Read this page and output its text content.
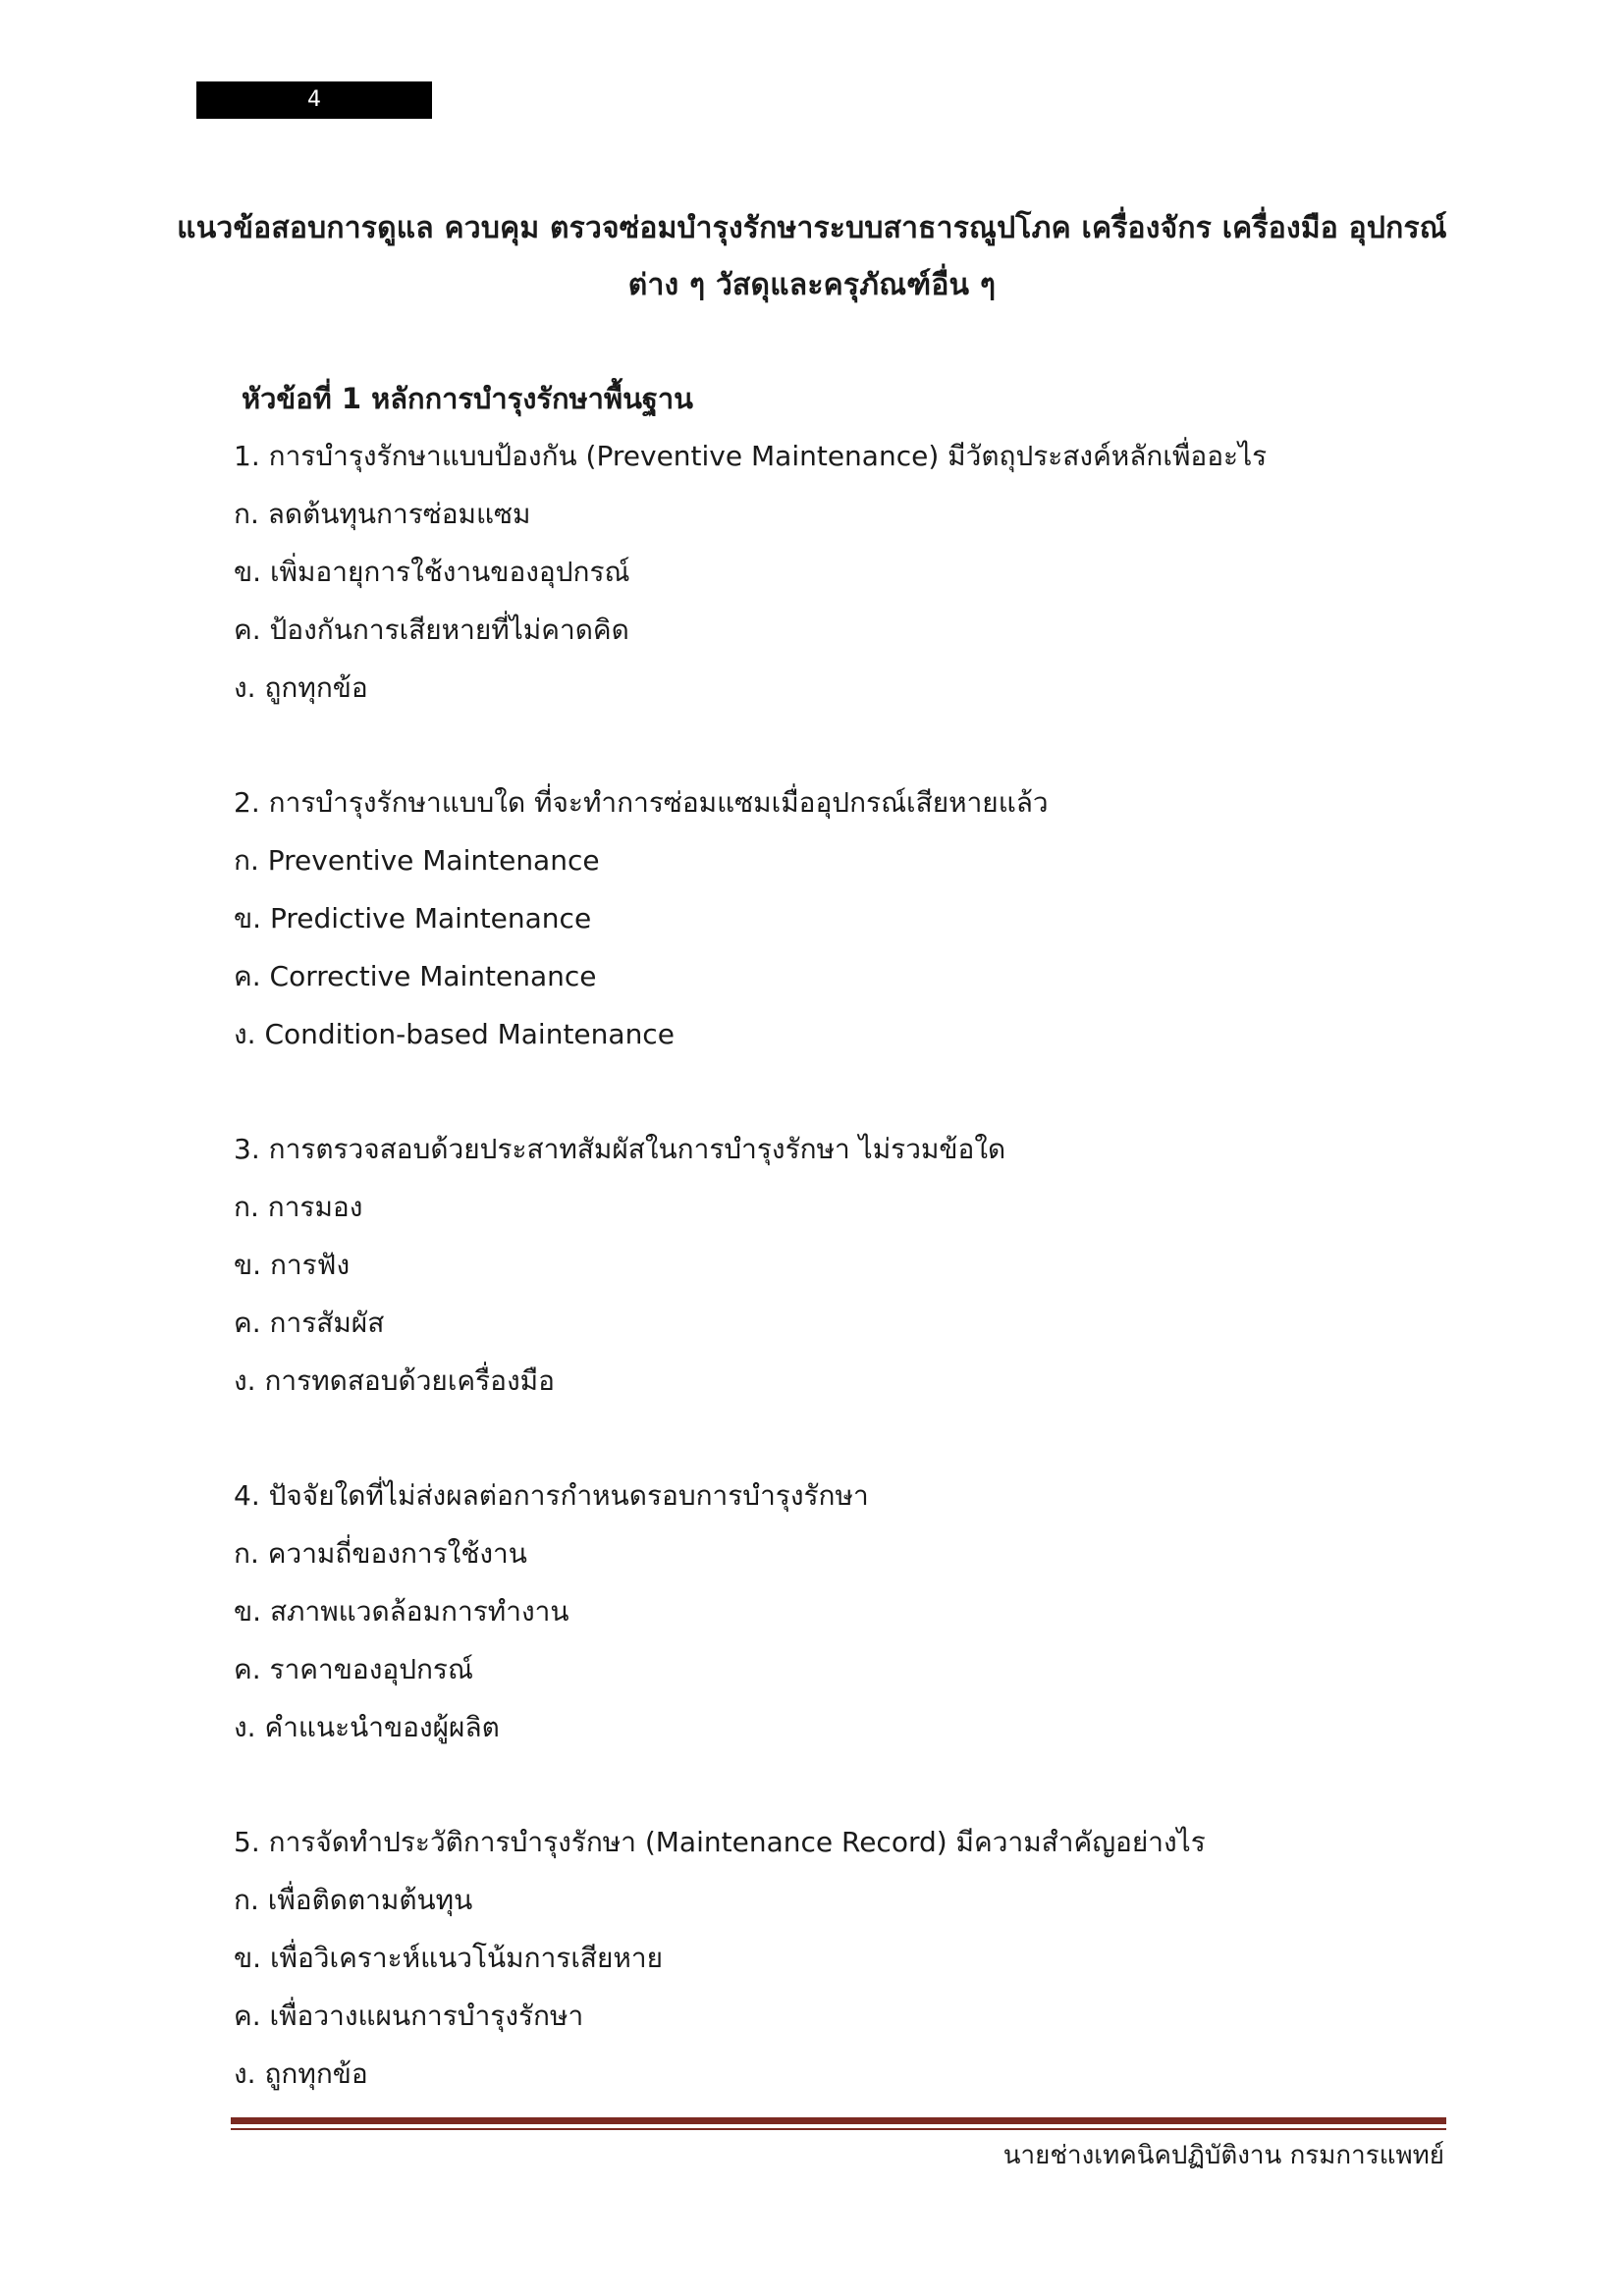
4
แนวข้อสอบการดูแล ควบคุม ตรวจซ่อมบำรุงรักษาระบบสาธารณูปโภค เครื่องจักร เครื่องมือ อุปกรณ์
ต่าง ๆ วัสดุและครุภัณฑ์อื่น ๆ
หัวข้อที่ 1 หลักการบำรุงรักษาพื้นฐาน
1. การบำรุงรักษาแบบป้องกัน (Preventive Maintenance) มีวัตถุประสงค์หลักเพื่ออะไร
ก. ลดต้นทุนการซ่อมแซม
ข. เพิ่มอายุการใช้งานของอุปกรณ์
ค. ป้องกันการเสียหายที่ไม่คาดคิด
ง. ถูกทุกข้อ
2. การบำรุงรักษาแบบใด ที่จะทำการซ่อมแซมเมื่ออุปกรณ์เสียหายแล้ว
ก. Preventive Maintenance
ข. Predictive Maintenance
ค. Corrective Maintenance
ง. Condition-based Maintenance
3. การตรวจสอบด้วยประสาทสัมผัสในการบำรุงรักษา ไม่รวมข้อใด
ก. การมอง
ข. การฟัง
ค. การสัมผัส
ง. การทดสอบด้วยเครื่องมือ
4. ปัจจัยใดที่ไม่ส่งผลต่อการกำหนดรอบการบำรุงรักษา
ก. ความถี่ของการใช้งาน
ข. สภาพแวดล้อมการทำงาน
ค. ราคาของอุปกรณ์
ง. คำแนะนำของผู้ผลิต
5. การจัดทำประวัติการบำรุงรักษา (Maintenance Record) มีความสำคัญอย่างไร
ก. เพื่อติดตามต้นทุน
ข. เพื่อวิเคราะห์แนวโน้มการเสียหาย
ค. เพื่อวางแผนการบำรุงรักษา
ง. ถูกทุกข้อ
นายช่างเทคนิคปฏิบัติงาน กรมการแพทย์
